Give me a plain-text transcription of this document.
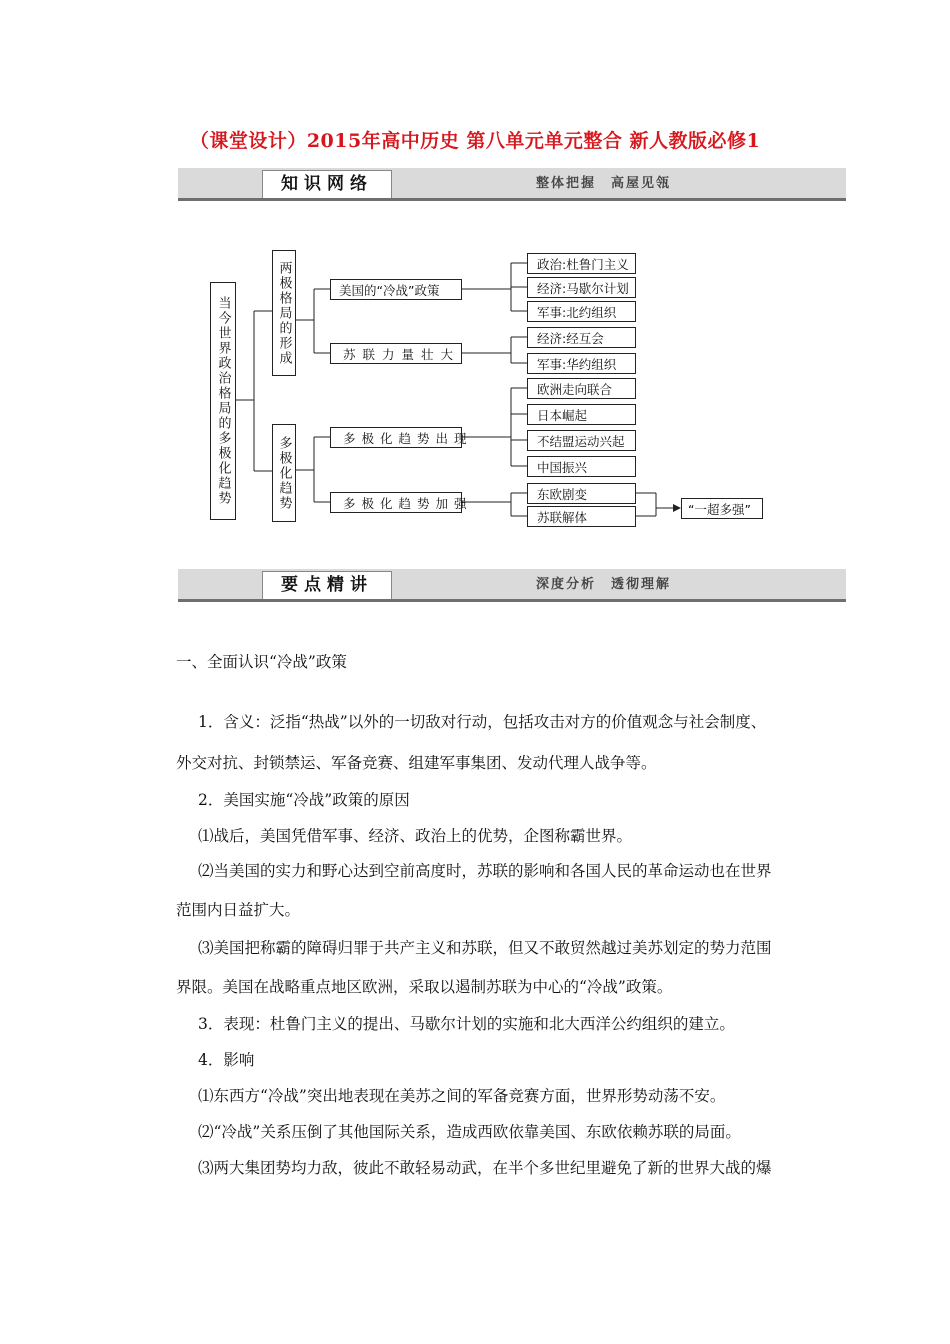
（课堂设计）2015年高中历史 第八单元单元整合 新人教版必修1
知识网络	整体把握　高屋见瓴
当今世界政治格局的多极化趋势	两极格局的形成
多极化趋势
美国的“冷战”政策
苏联力量壮大
多极化趋势出现
多极化趋势加强
政治:杜鲁门主义
经济:马歇尔计划
军事:北约组织
经济:经互会
军事:华约组织
欧洲走向联合
日本崛起
不结盟运动兴起
中国振兴
东欧剧变
苏联解体
“一超多强”
要点精讲	深度分析　透彻理解
一、全面认识“冷战”政策
1．含义：泛指“热战”以外的一切敌对行动，包括攻击对方的价值观念与社会制度、
外交对抗、封锁禁运、军备竞赛、组建军事集团、发动代理人战争等。
2．美国实施“冷战”政策的原因
⑴战后，美国凭借军事、经济、政治上的优势，企图称霸世界。
⑵当美国的实力和野心达到空前高度时，苏联的影响和各国人民的革命运动也在世界
范围内日益扩大。
⑶美国把称霸的障碍归罪于共产主义和苏联，但又不敢贸然越过美苏划定的势力范围
界限。美国在战略重点地区欧洲，采取以遏制苏联为中心的“冷战”政策。
3．表现：杜鲁门主义的提出、马歇尔计划的实施和北大西洋公约组织的建立。
4．影响
⑴东西方“冷战”突出地表现在美苏之间的军备竞赛方面，世界形势动荡不安。
⑵“冷战”关系压倒了其他国际关系，造成西欧依靠美国、东欧依赖苏联的局面。
⑶两大集团势均力敌，彼此不敢轻易动武，在半个多世纪里避免了新的世界大战的爆
